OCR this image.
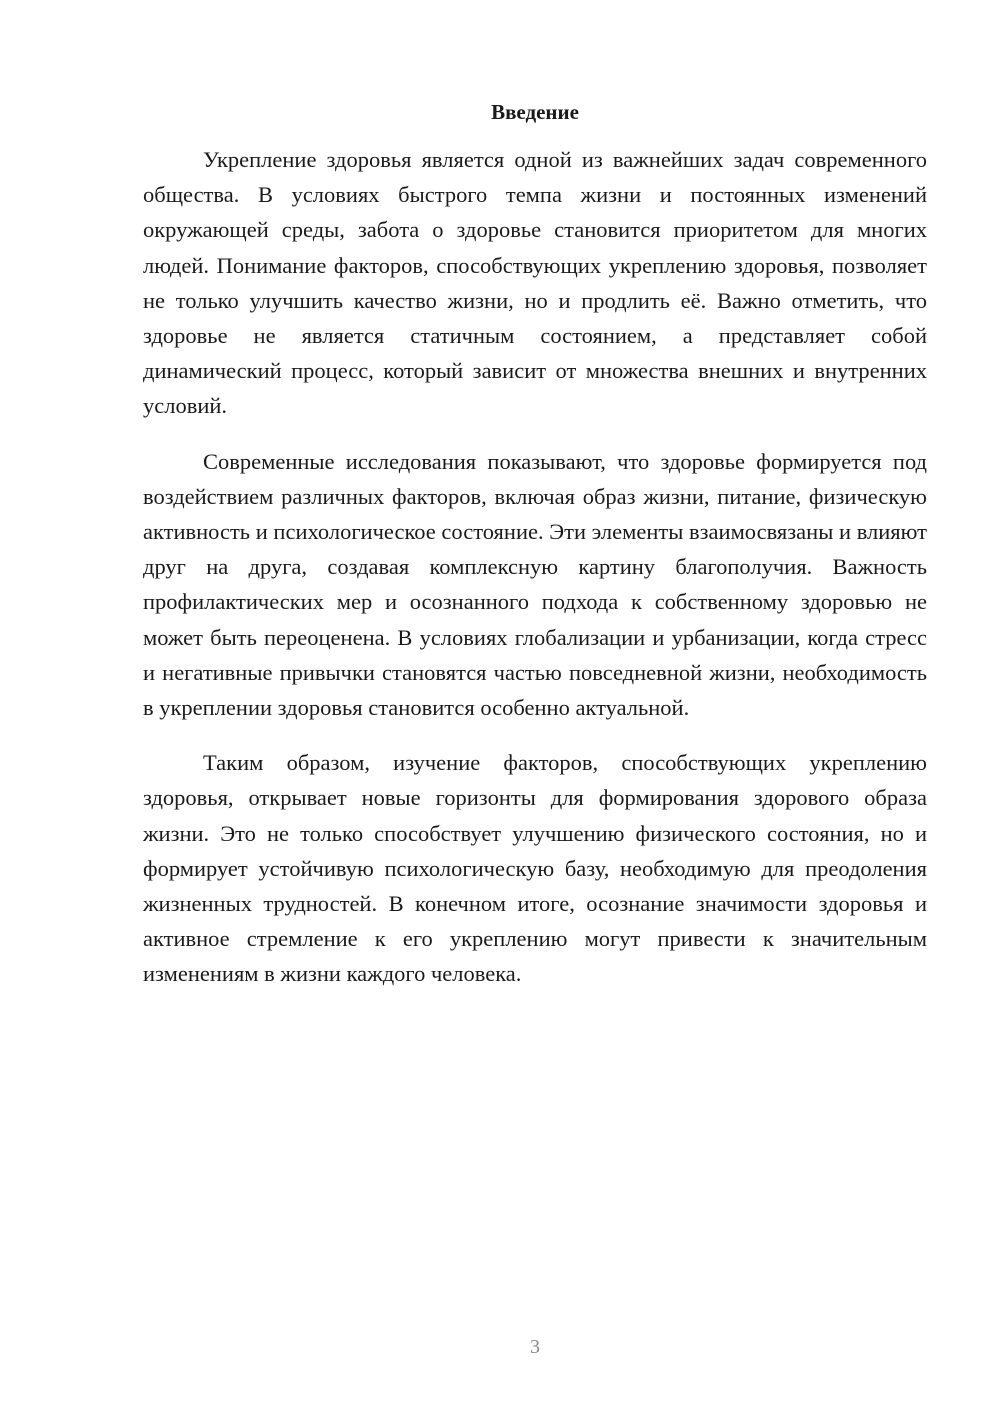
Введение

Укрепление здоровья является одной из важнейших задач современного общества. В условиях быстрого темпа жизни и постоянных изменений окружающей среды, забота о здоровье становится приоритетом для многих людей. Понимание факторов, способствующих укреплению здоровья, позволяет не только улучшить качество жизни, но и продлить её. Важно отметить, что здоровье не является статичным состоянием, а представляет собой динамический процесс, который зависит от множества внешних и внутренних условий.

Современные исследования показывают, что здоровье формируется под воздействием различных факторов, включая образ жизни, питание, физическую активность и психологическое состояние. Эти элементы взаимосвязаны и влияют друг на друга, создавая комплексную картину благополучия. Важность профилактических мер и осознанного подхода к собственному здоровью не может быть переоценена. В условиях глобализации и урбанизации, когда стресс и негативные привычки становятся частью повседневной жизни, необходимость в укреплении здоровья становится особенно актуальной.

Таким образом, изучение факторов, способствующих укреплению здоровья, открывает новые горизонты для формирования здорового образа жизни. Это не только способствует улучшению физического состояния, но и формирует устойчивую психологическую базу, необходимую для преодоления жизненных трудностей. В конечном итоге, осознание значимости здоровья и активное стремление к его укреплению могут привести к значительным изменениям в жизни каждого человека.

3
